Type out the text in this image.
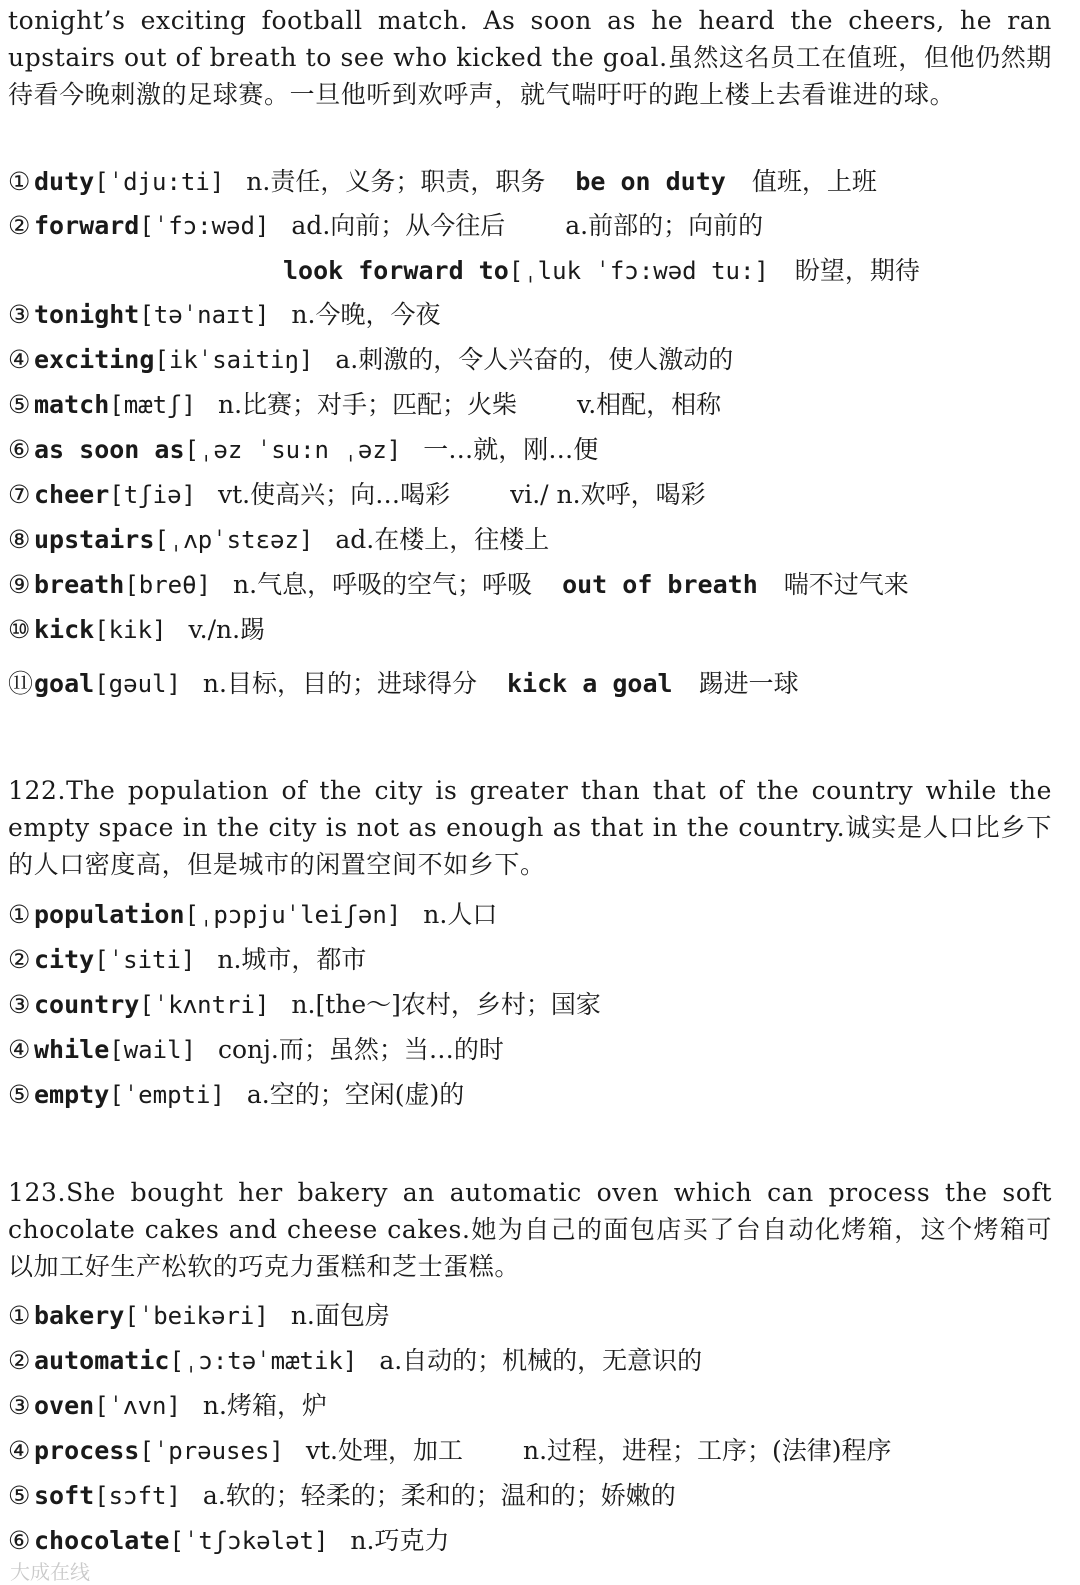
tonight’s exciting football match. As soon as he heard the cheers, he ran upstairs out of breath to see who kicked the goal.虽然这名员工在值班，但他仍然期待看今晚刺激的足球赛。一旦他听到欢呼声，就气喘吁吁的跑上楼上去看谁进的球。

① duty[ˈdju:ti] n.责任，义务；职责，职务 be on duty 值班，上班
② forward[ˈfɔ:wəd] ad.向前；从今往后 a.前部的；向前的
look forward to[ˌluk ˈfɔ:wəd tu:] 盼望，期待
③ tonight[təˈnaɪt] n.今晚，今夜
④ exciting[ikˈsaitiŋ] a.刺激的，令人兴奋的，使人激动的
⑤ match[mætʃ] n.比赛；对手；匹配；火柴 v.相配，相称
⑥ as soon as[ˌəz ˈsu:n ˌəz] 一…就，刚…便
⑦ cheer[tʃiə] vt.使高兴；向…喝彩 vi./ n.欢呼，喝彩
⑧ upstairs[ˌʌpˈstɛəz] ad.在楼上，往楼上
⑨ breath[breθ] n.气息，呼吸的空气；呼吸 out of breath 喘不过气来
⑩ kick[kik] v./n.踢
⑪goal[gəul] n.目标，目的；进球得分 kick a goal 踢进一球

122.The population of the city is greater than that of the country while the empty space in the city is not as enough as that in the country.诚实是人口比乡下的人口密度高，但是城市的闲置空间不如乡下。

① population[ˌpɔpjuˈleiʃən] n.人口
② city[ˈsiti] n.城市，都市
③ country[ˈkʌntri] n.[the～]农村，乡村；国家
④ while[wail] conj.而；虽然；当…的时
⑤ empty[ˈempti] a.空的；空闲(虚)的

123.She bought her bakery an automatic oven which can process the soft chocolate cakes and cheese cakes.她为自己的面包店买了台自动化烤箱，这个烤箱可以加工好生产松软的巧克力蛋糕和芝士蛋糕。

① bakery[ˈbeikəri] n.面包房
② automatic[ˌɔ:təˈmætik] a.自动的；机械的，无意识的
③ oven[ˈʌvn] n.烤箱，炉
④ process[ˈprəuses] vt.处理，加工 n.过程，进程；工序；(法律)程序
⑤ soft[sɔft] a.软的；轻柔的；柔和的；温和的；娇嫩的
⑥ chocolate[ˈtʃɔkələt] n.巧克力
大成在线
